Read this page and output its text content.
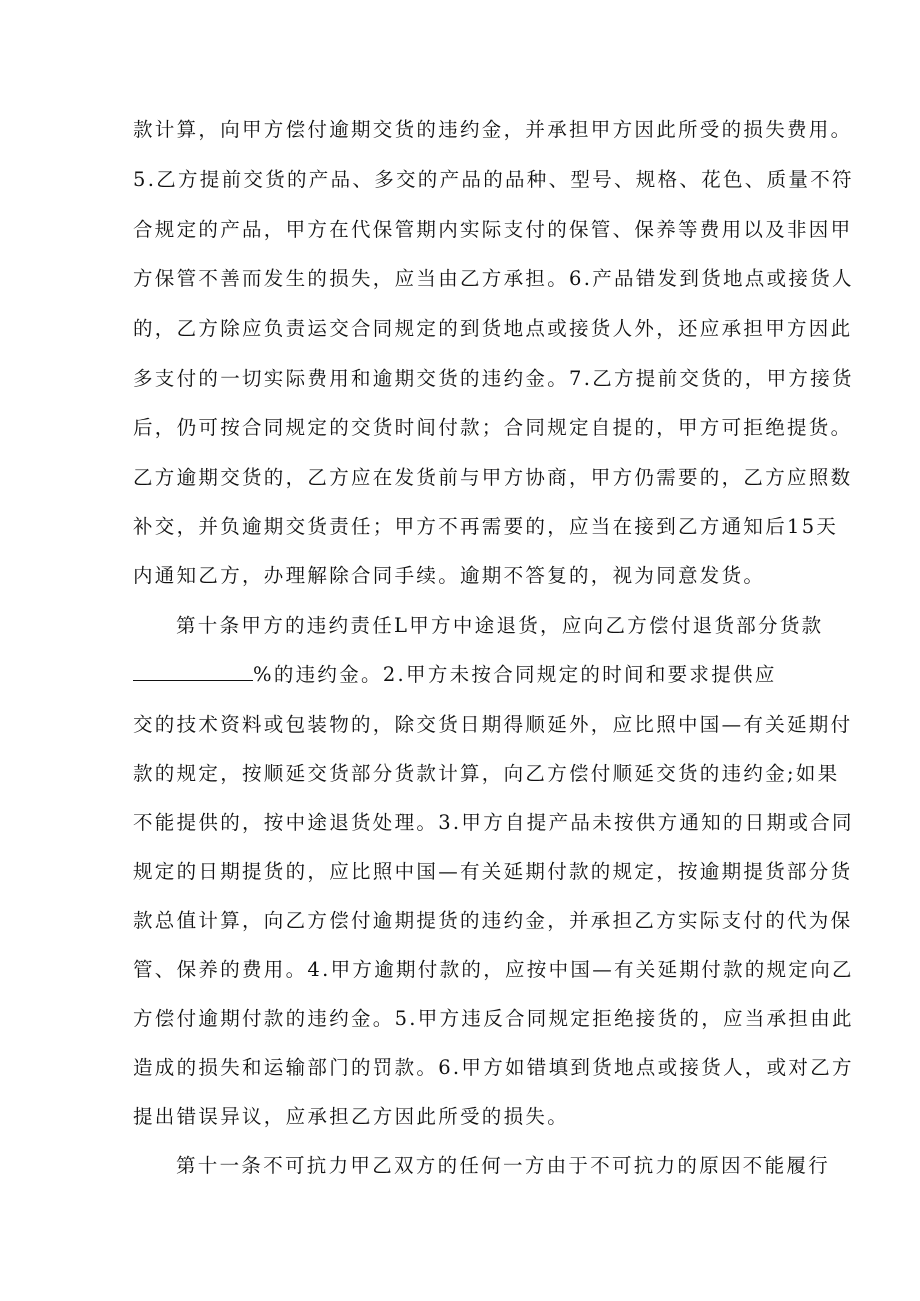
款计算，向甲方偿付逾期交货的违约金，并承担甲方因此所受的损失费用。
5.乙方提前交货的产品、多交的产品的品种、型号、规格、花色、质量不符
合规定的产品，甲方在代保管期内实际支付的保管、保养等费用以及非因甲
方保管不善而发生的损失，应当由乙方承担。6.产品错发到货地点或接货人
的，乙方除应负责运交合同规定的到货地点或接货人外，还应承担甲方因此
多支付的一切实际费用和逾期交货的违约金。7.乙方提前交货的，甲方接货
后，仍可按合同规定的交货时间付款；合同规定自提的，甲方可拒绝提货。
乙方逾期交货的，乙方应在发货前与甲方协商，甲方仍需要的，乙方应照数
补交，并负逾期交货责任；甲方不再需要的，应当在接到乙方通知后15天
内通知乙方，办理解除合同手续。逾期不答复的，视为同意发货。
第十条甲方的违约责任L甲方中途退货，应向乙方偿付退货部分货款
%的违约金。2.甲方未按合同规定的时间和要求提供应
交的技术资料或包装物的，除交货日期得顺延外，应比照中国—有关延期付
款的规定，按顺延交货部分货款计算，向乙方偿付顺延交货的违约金;如果
不能提供的，按中途退货处理。3.甲方自提产品未按供方通知的日期或合同
规定的日期提货的，应比照中国—有关延期付款的规定，按逾期提货部分货
款总值计算，向乙方偿付逾期提货的违约金，并承担乙方实际支付的代为保
管、保养的费用。4.甲方逾期付款的，应按中国—有关延期付款的规定向乙
方偿付逾期付款的违约金。5.甲方违反合同规定拒绝接货的，应当承担由此
造成的损失和运输部门的罚款。6.甲方如错填到货地点或接货人，或对乙方
提出错误异议，应承担乙方因此所受的损失。
第十一条不可抗力甲乙双方的任何一方由于不可抗力的原因不能履行
